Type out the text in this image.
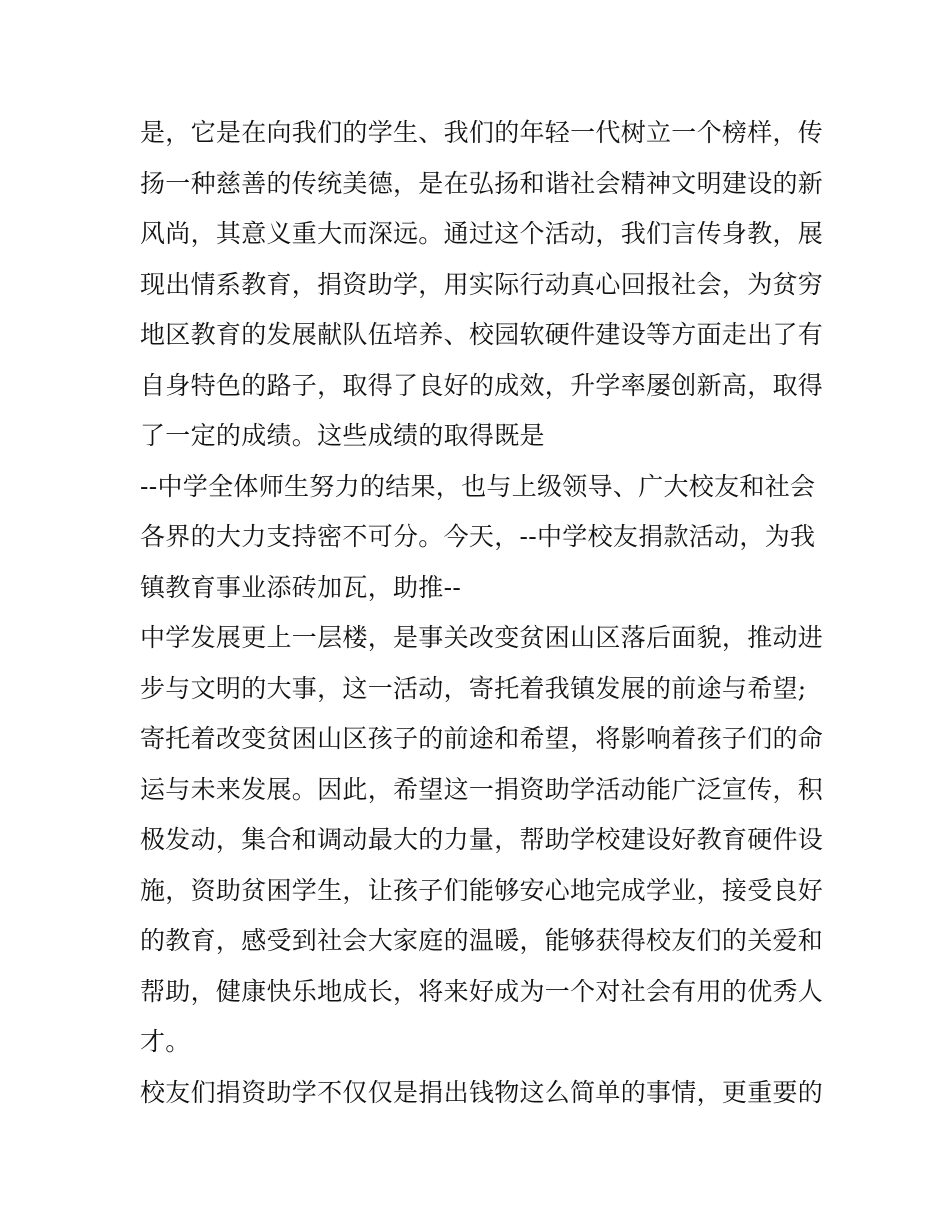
是，它是在向我们的学生、我们的年轻一代树立一个榜样，传
扬一种慈善的传统美德，是在弘扬和谐社会精神文明建设的新
风尚，其意义重大而深远。通过这个活动，我们言传身教，展
现出情系教育，捐资助学，用实际行动真心回报社会，为贫穷
地区教育的发展献队伍培养、校园软硬件建设等方面走出了有
自身特色的路子，取得了良好的成效，升学率屡创新高，取得
了一定的成绩。这些成绩的取得既是
--中学全体师生努力的结果，也与上级领导、广大校友和社会
各界的大力支持密不可分。今天，--中学校友捐款活动，为我
镇教育事业添砖加瓦，助推--
中学发展更上一层楼，是事关改变贫困山区落后面貌，推动进
步与文明的大事，这一活动，寄托着我镇发展的前途与希望;
寄托着改变贫困山区孩子的前途和希望，将影响着孩子们的命
运与未来发展。因此，希望这一捐资助学活动能广泛宣传，积
极发动，集合和调动最大的力量，帮助学校建设好教育硬件设
施，资助贫困学生，让孩子们能够安心地完成学业，接受良好
的教育，感受到社会大家庭的温暖，能够获得校友们的关爱和
帮助，健康快乐地成长，将来好成为一个对社会有用的优秀人
才。
校友们捐资助学不仅仅是捐出钱物这么简单的事情，更重要的
